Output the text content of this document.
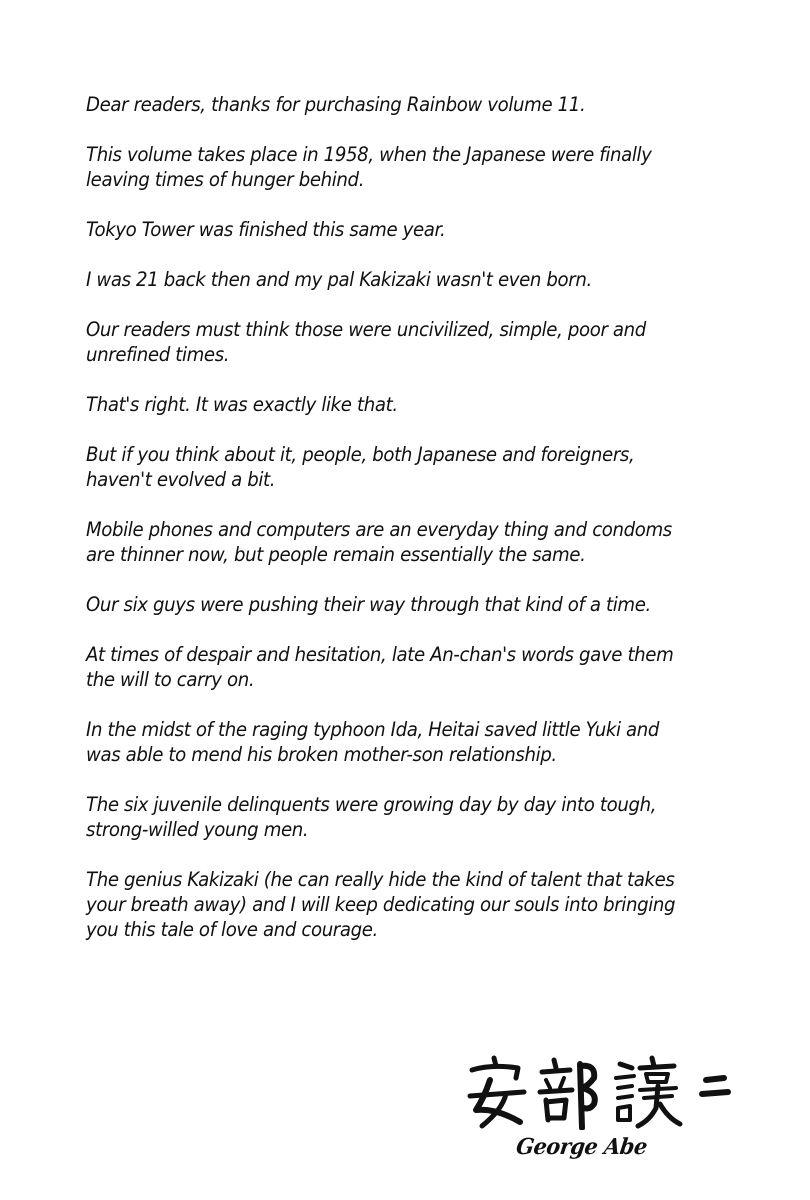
Dear readers, thanks for purchasing Rainbow volume 11.

This volume takes place in 1958, when the Japanese were finally
leaving times of hunger behind.

Tokyo Tower was finished this same year.

I was 21 back then and my pal Kakizaki wasn't even born.

Our readers must think those were uncivilized, simple, poor and
unrefined times.

That's right. It was exactly like that.

But if you think about it, people, both Japanese and foreigners,
haven't evolved a bit.

Mobile phones and computers are an everyday thing and condoms
are thinner now, but people remain essentially the same.

Our six guys were pushing their way through that kind of a time.

At times of despair and hesitation, late An-chan's words gave them
the will to carry on.

In the midst of the raging typhoon Ida, Heitai saved little Yuki and
was able to mend his broken mother-son relationship.

The six juvenile delinquents were growing day by day into tough,
strong-willed young men.

The genius Kakizaki (he can really hide the kind of talent that takes
your breath away) and I will keep dedicating our souls into bringing
you this tale of love and courage.

George Abe
